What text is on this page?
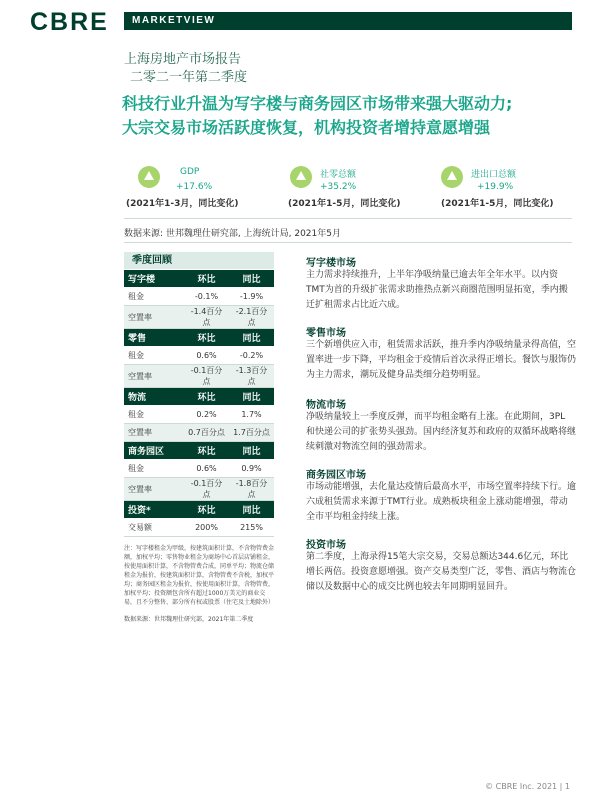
CBRE MARKETVIEW
上海房地产市场报告
二零二一年第二季度
科技行业升温为写字楼与商务园区市场带来强大驱动力;
大宗交易市场活跃度恢复，机构投资者增持意愿增强
GDP
+17.6%
(2021年1-3月，同比变化)
社零总额
+35.2%
(2021年1-5月，同比变化)
进出口总额
+19.9%
(2021年1-5月，同比变化)
数据来源: 世邦魏理仕研究部, 上海统计局, 2021年5月
季度回顾
写字楼	环比	同比
租金	-0.1%	-1.9%
空置率	-1.4百分点	-2.1百分点
零售	环比	同比
租金	0.6%	-0.2%
空置率	-0.1百分点	-1.3百分点
物流	环比	同比
租金	0.2%	1.7%
空置率	0.7百分点	1.7百分点
商务园区	环比	同比
租金	0.6%	0.9%
空置率	-0.1百分点	-1.8百分点
投资*	环比	同比
交易额	200%	215%
注：写字楼租金为甲级，按建筑面积计算，不含物管费金额，加权平均；零售物业租金为商场中心首层店铺租金，按使用面积计算，不含物管费合成，同单平均；物流仓储租金为报价，按建筑面积计算，含物管费不含税，加权平均；商务园区租金为报价，按使用面积计算，含物管费，加权平均；投资额包含所有超过1000万美元的商业交易，且不分整售、部分所有权或股票（住宅及土地除外）
数据来源：世邦魏理仕研究部，2021年第二季度
写字楼市场
主力需求持续推升，上半年净吸纳量已逾去年全年水平。以内资TMT为首的升级扩张需求助推热点新兴商圈范围明显拓宽，季内搬迁扩租需求占比近六成。
零售市场
三个新增供应入市，租赁需求活跃，推升季内净吸纳量录得高值，空置率进一步下降，平均租金于疫情后首次录得正增长。餐饮与服饰仍为主力需求，潮玩及健身品类细分趋势明显。
物流市场
净吸纳量较上一季度反弹，而平均租金略有上涨。在此期间，3PL 和快递公司的扩张势头强劲。国内经济复苏和政府的双循环战略将继续刺激对物流空间的强劲需求。
商务园区市场
市场动能增强，去化量达疫情后最高水平，市场空置率持续下行。逾六成租赁需求来源于TMT行业。成熟板块租金上涨动能增强，带动全市平均租金持续上涨。
投资市场
第二季度，上海录得15笔大宗交易，交易总额达344.6亿元，环比增长两倍。投资意愿增强。资产交易类型广泛，零售、酒店与物流仓储以及数据中心的成交比例也较去年同期明显回升。
© CBRE Inc. 2021 | 1
